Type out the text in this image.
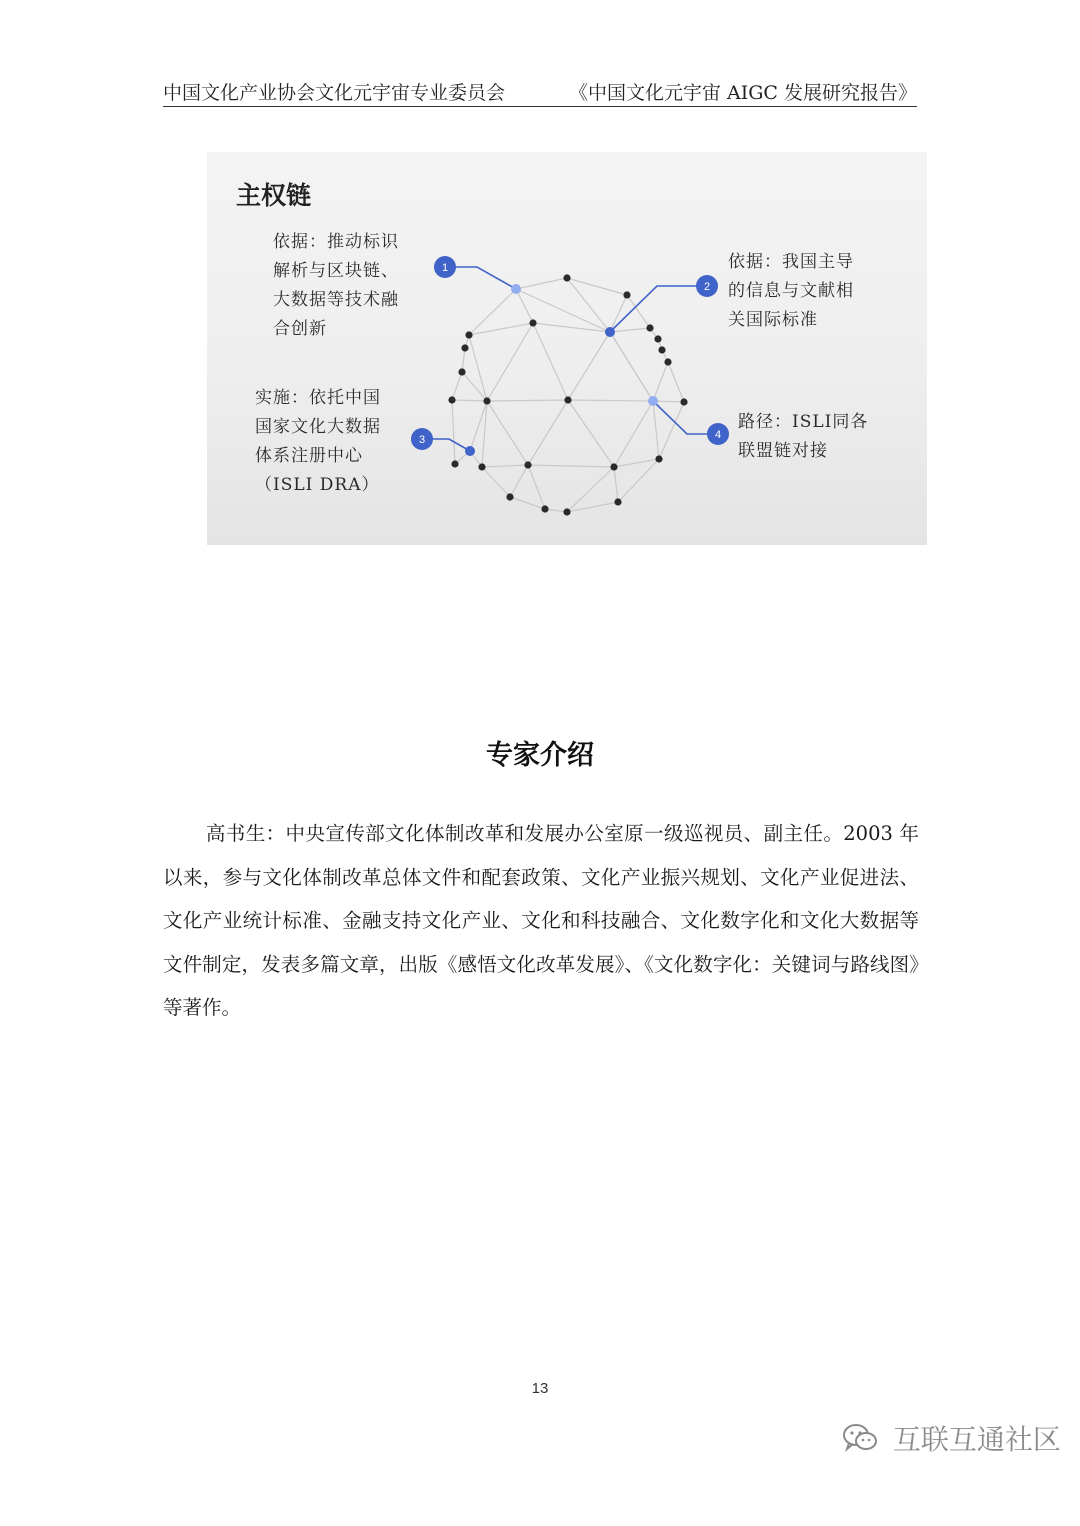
中国文化产业协会文化元宇宙专业委员会	《中国文化元宇宙 AIGC 发展研究报告》
1
2
3	4
主权链
依据：推动标识
解析与区块链、
大数据等技术融
合创新
依据：我国主导
的信息与文献相
关国际标准
实施：依托中国
国家文化大数据
体系注册中心
（ISLI DRA）
路径：ISLI同各
联盟链对接
专家介绍

高书生：中央宣传部文化体制改革和发展办公室原一级巡视员、副主任。2003 年以来，参与文化体制改革总体文件和配套政策、文化产业振兴规划、文化产业促进法、文化产业统计标准、金融支持文化产业、文化和科技融合、文化数字化和文化大数据等文件制定，发表多篇文章，出版《感悟文化改革发展》、《文化数字化：关键词与路线图》等著作。

13
互联互通社区
